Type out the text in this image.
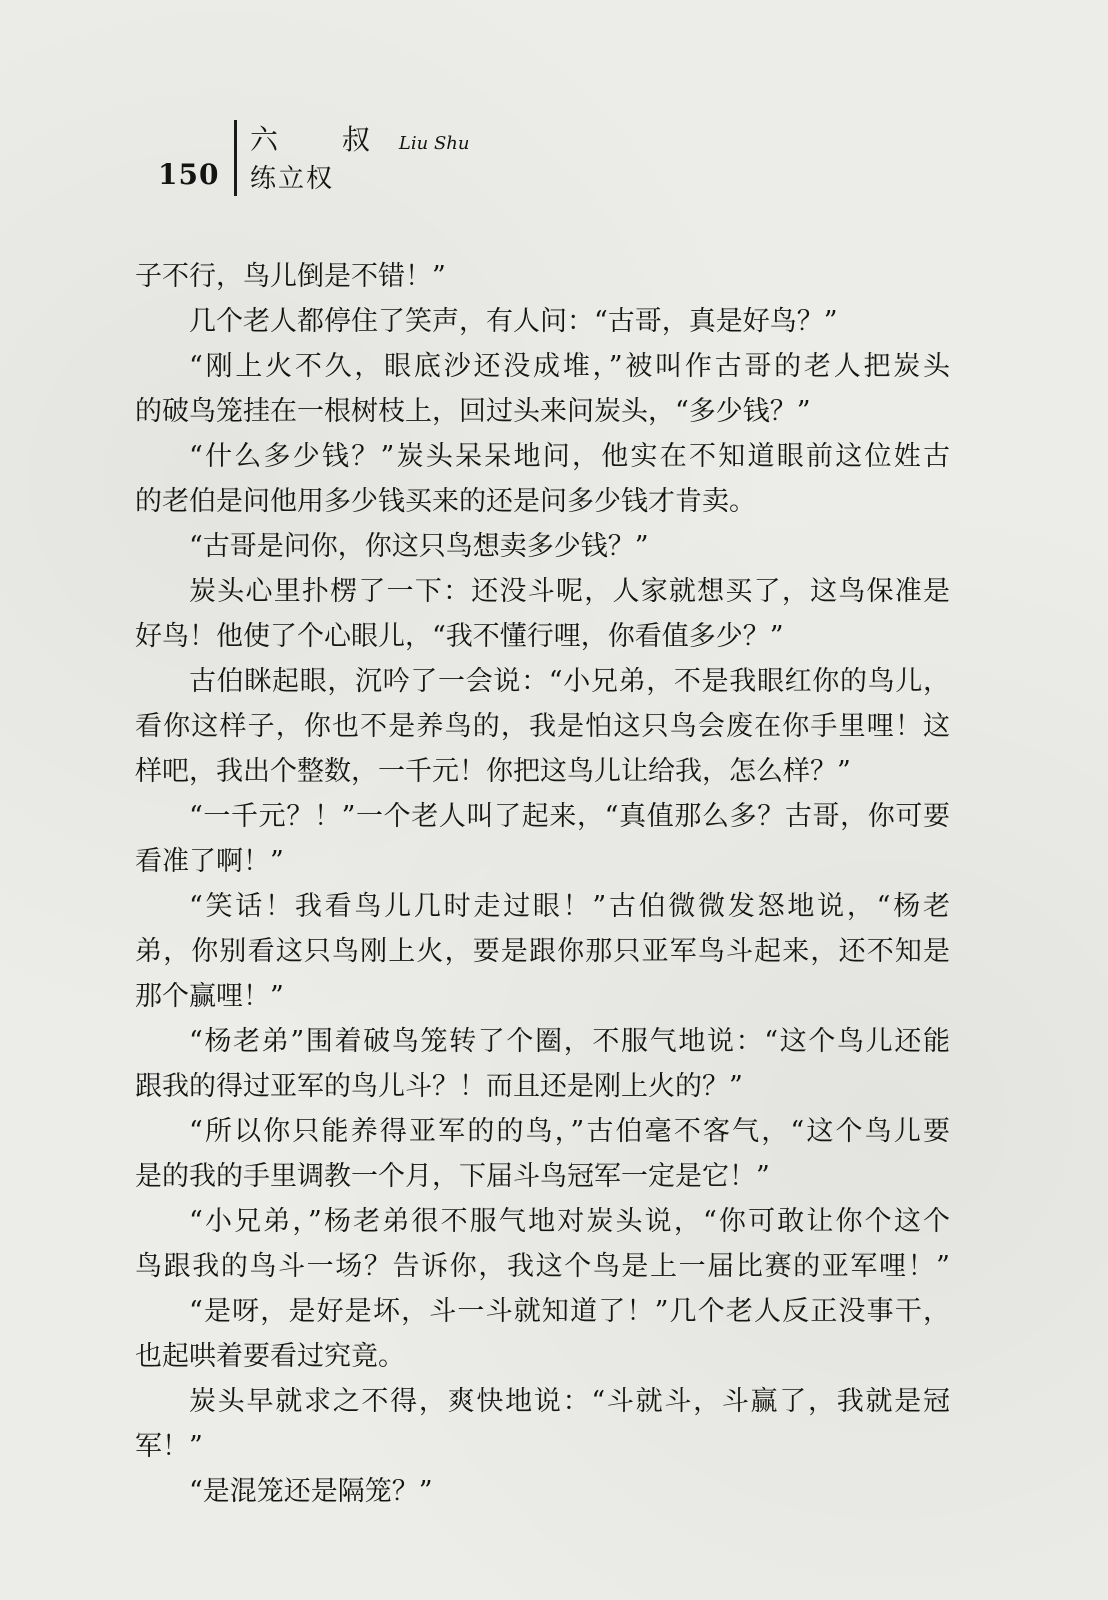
150
六　叔 Liu Shu
练立权
子不行，鸟儿倒是不错！”
几个老人都停住了笑声，有人问：“古哥，真是好鸟？”
“刚上火不久，眼底沙还没成堆，”被叫作古哥的老人把炭头
的破鸟笼挂在一根树枝上，回过头来问炭头，“多少钱？”
“什么多少钱？”炭头呆呆地问，他实在不知道眼前这位姓古
的老伯是问他用多少钱买来的还是问多少钱才肯卖。
“古哥是问你，你这只鸟想卖多少钱？”
炭头心里扑楞了一下：还没斗呢，人家就想买了，这鸟保准是
好鸟！他使了个心眼儿，“我不懂行哩，你看值多少？”
古伯眯起眼，沉吟了一会说：“小兄弟，不是我眼红你的鸟儿，
看你这样子，你也不是养鸟的，我是怕这只鸟会废在你手里哩！这
样吧，我出个整数，一千元！你把这鸟儿让给我，怎么样？”
“一千元？！”一个老人叫了起来，“真值那么多？古哥，你可要
看准了啊！”
“笑话！我看鸟儿几时走过眼！”古伯微微发怒地说，“杨老
弟，你别看这只鸟刚上火，要是跟你那只亚军鸟斗起来，还不知是
那个赢哩！”
“杨老弟”围着破鸟笼转了个圈，不服气地说：“这个鸟儿还能
跟我的得过亚军的鸟儿斗？！而且还是刚上火的？”
“所以你只能养得亚军的的鸟，”古伯毫不客气，“这个鸟儿要
是的我的手里调教一个月，下届斗鸟冠军一定是它！”
“小兄弟，”杨老弟很不服气地对炭头说，“你可敢让你个这个
鸟跟我的鸟斗一场？告诉你，我这个鸟是上一届比赛的亚军哩！”
“是呀，是好是坏，斗一斗就知道了！”几个老人反正没事干，
也起哄着要看过究竟。
炭头早就求之不得，爽快地说：“斗就斗，斗赢了，我就是冠
军！”
“是混笼还是隔笼？”
